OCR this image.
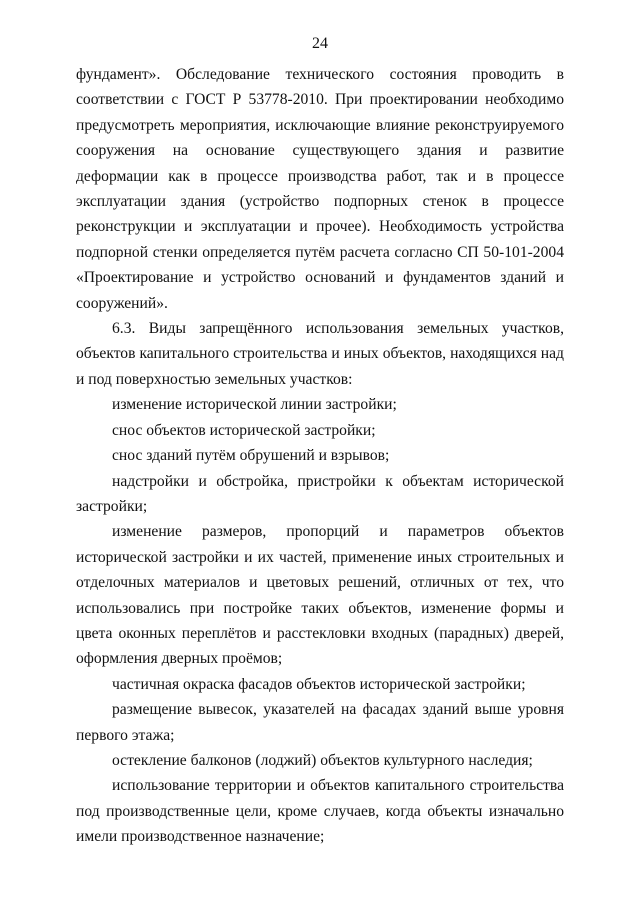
24

фундамент». Обследование технического состояния проводить в соответствии с ГОСТ Р 53778-2010. При проектировании необходимо предусмотреть мероприятия, исключающие влияние реконструируемого сооружения на основание существующего здания и развитие деформации как в процессе производства работ, так и в процессе эксплуатации здания (устройство подпорных стенок в процессе реконструкции и эксплуатации и прочее). Необходимость устройства подпорной стенки определяется путём расчета согласно СП 50-101-2004 «Проектирование и устройство оснований и фундаментов зданий и сооружений».

6.3. Виды запрещённого использования земельных участков, объектов капитального строительства и иных объектов, находящихся над и под поверхностью земельных участков:

изменение исторической линии застройки;

снос объектов исторической застройки;

снос зданий путём обрушений и взрывов;

надстройки и обстройка, пристройки к объектам исторической застройки;

изменение размеров, пропорций и параметров объектов исторической застройки и их частей, применение иных строительных и отделочных материалов и цветовых решений, отличных от тех, что использовались при постройке таких объектов, изменение формы и цвета оконных переплётов и расстекловки входных (парадных) дверей, оформления дверных проёмов;

частичная окраска фасадов объектов исторической застройки;

размещение вывесок, указателей на фасадах зданий выше уровня первого этажа;

остекление балконов (лоджий) объектов культурного наследия;

использование территории и объектов капитального строительства под производственные цели, кроме случаев, когда объекты изначально имели производственное назначение;
